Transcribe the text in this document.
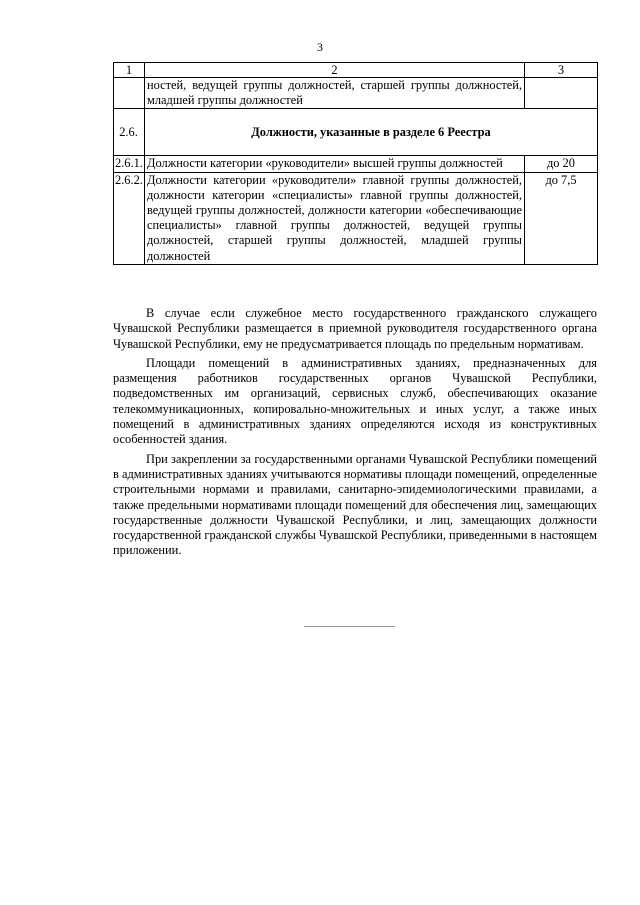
3
1	2	3
	ностей, ведущей группы должностей, старшей группы должностей, младшей группы должностей	
2.6.	Должности, указанные в разделе 6 Реестра	
2.6.1.	Должности категории «руководители» высшей группы должностей	до 20
2.6.2.	Должности категории «руководители» главной группы должностей, должности категории «специалисты» главной группы должностей, ведущей группы должностей, должности категории «обеспечивающие специалисты» главной группы должностей, ведущей группы должностей, старшей группы должностей, младшей группы должностей	до 7,5

В случае если служебное место государственного гражданского служащего Чувашской Республики размещается в приемной руководителя государственного органа Чувашской Республики, ему не предусматривается площадь по предельным нормативам.

Площади помещений в административных зданиях, предназначенных для размещения работников государственных органов Чувашской Республики, подведомственных им организаций, сервисных служб, обеспечивающих оказание телекоммуникационных, копировально-множительных и иных услуг, а также иных помещений в административных зданиях определяются исходя из конструктивных особенностей здания.

При закреплении за государственными органами Чувашской Республики помещений в административных зданиях учитываются нормативы площади помещений, определенные строительными нормами и правилами, санитарно-эпидемиологическими правилами, а также предельными нормативами площади помещений для обеспечения лиц, замещающих государственные должности Чувашской Республики, и лиц, замещающих должности государственной гражданской службы Чувашской Республики, приведенными в настоящем приложении.
